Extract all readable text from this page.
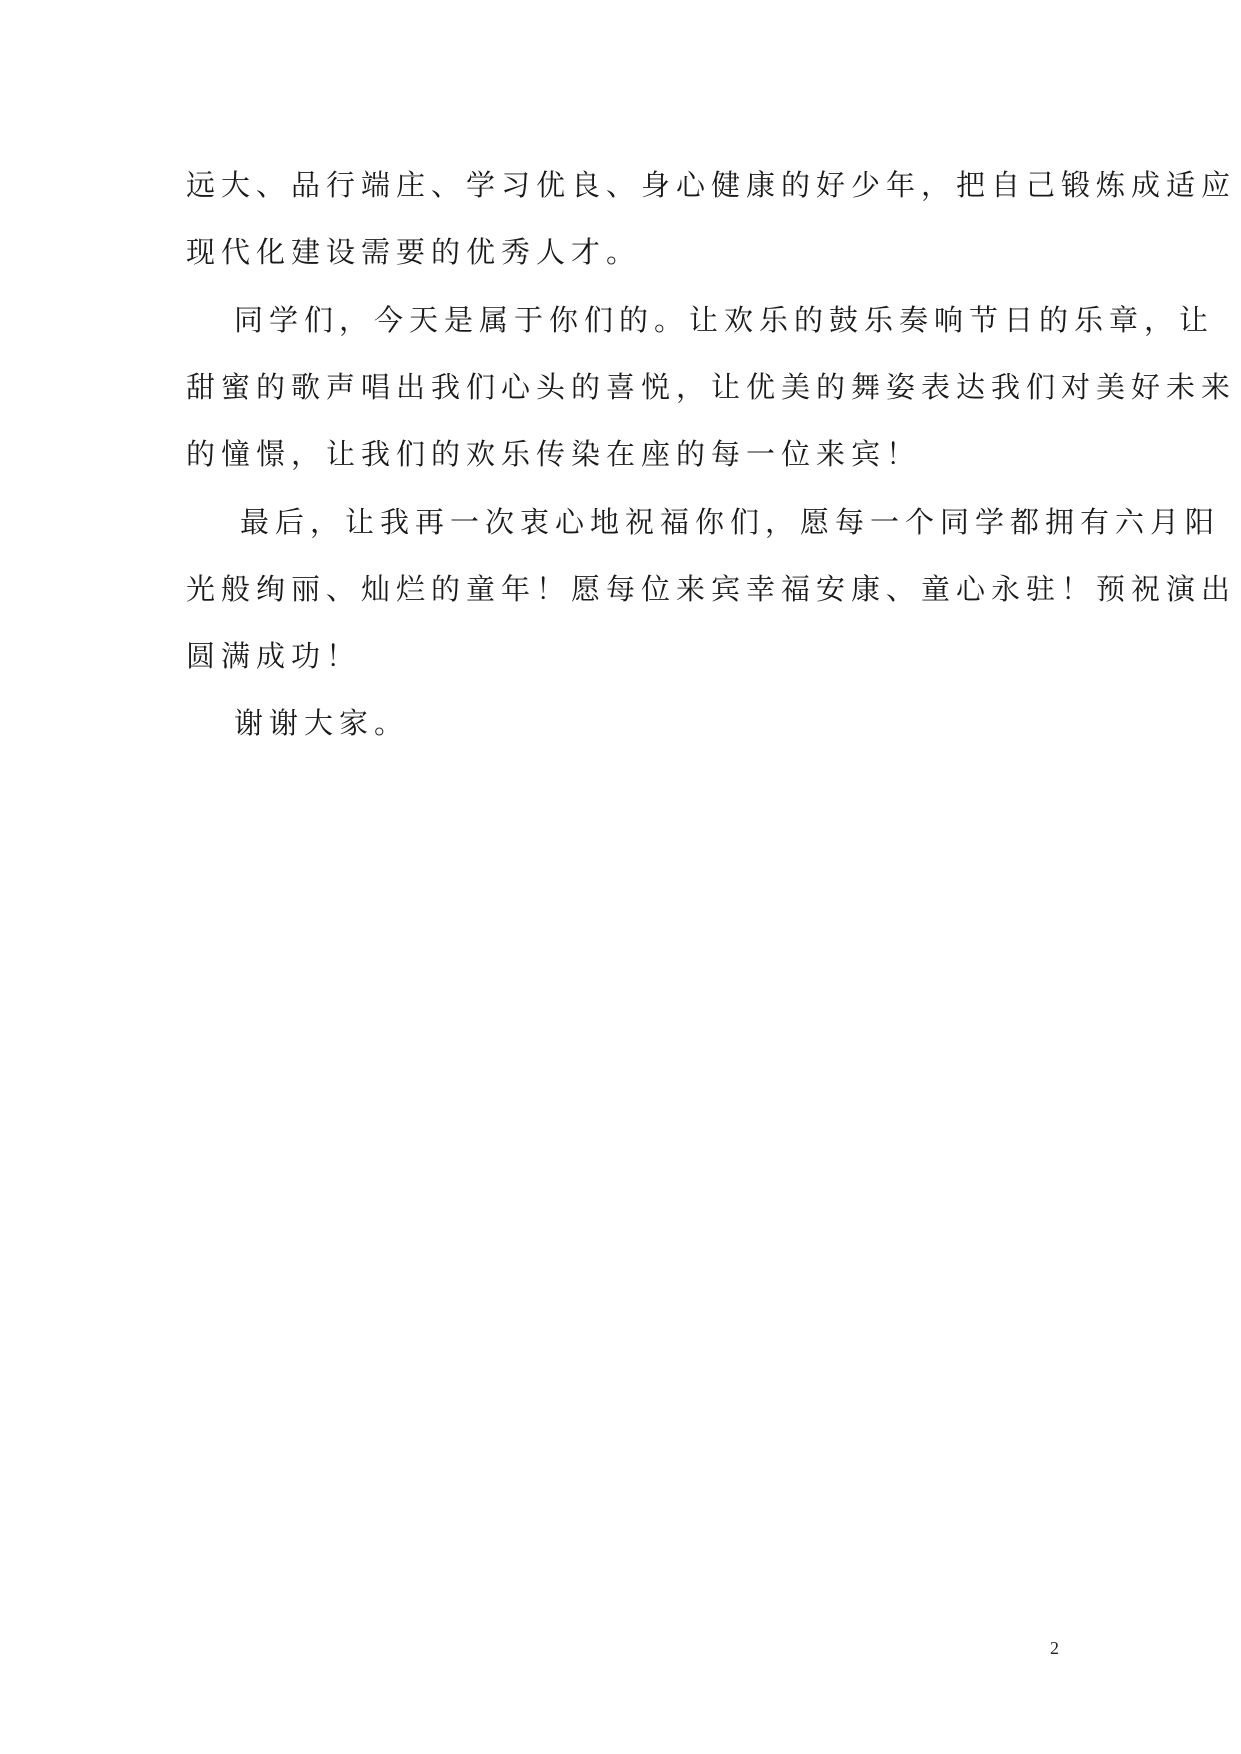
远大、品行端庄、学习优良、身心健康的好少年，把自己锻炼成适应
现代化建设需要的优秀人才。
同学们，今天是属于你们的。让欢乐的鼓乐奏响节日的乐章，让
甜蜜的歌声唱出我们心头的喜悦，让优美的舞姿表达我们对美好未来
的憧憬，让我们的欢乐传染在座的每一位来宾！
最后，让我再一次衷心地祝福你们，愿每一个同学都拥有六月阳
光般绚丽、灿烂的童年！愿每位来宾幸福安康、童心永驻！预祝演出
圆满成功！
谢谢大家。
2
